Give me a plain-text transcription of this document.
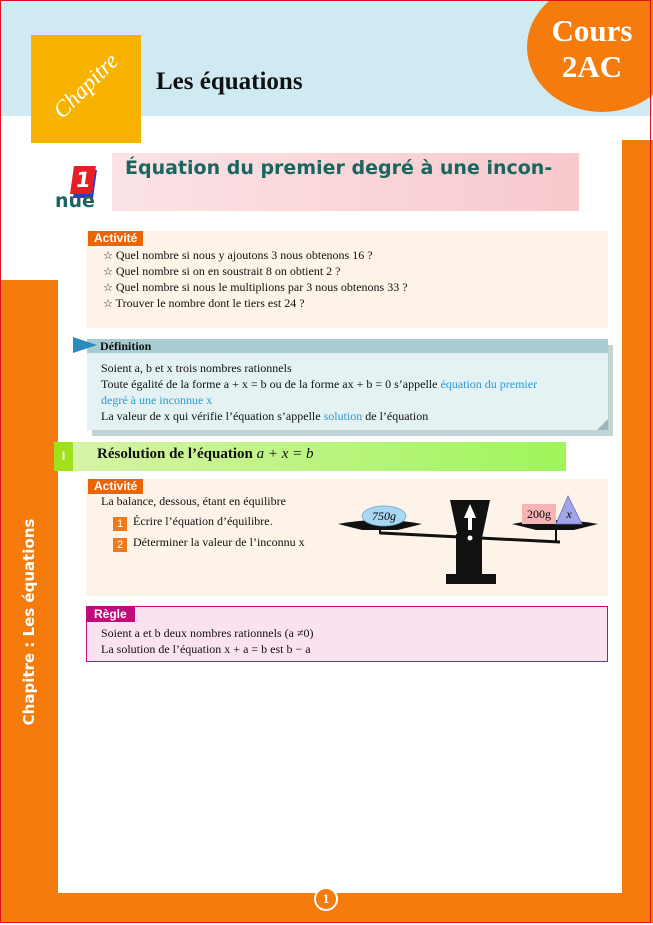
Cours
2AC
Chapitre	Les équations
1 Équation du premier degré à une incon-
nue
Activité
☆ Quel nombre si nous y ajoutons 3 nous obtenons 16 ?
☆ Quel nombre si on en soustrait 8 on obtient 2 ?
☆ Quel nombre si nous le multiplions par 3 nous obtenons 33 ?
☆ Trouver le nombre dont le tiers est 24 ?
Définition
Soient a, b et x trois nombres rationnels
Toute égalité de la forme a + x = b ou de la forme ax + b = 0 s’appelle équation du premier
degré à une inconnue x
La valeur de x qui vérifie l’équation s’appelle solution de l’équation
I	Résolution de l’équation a + x = b
Activité
La balance, dessous, étant en équilibre
1 Écrire l’équation d’équilibre.
2 Déterminer la valeur de l’inconnu x
750g	200g x
Règle
Soient a et b deux nombres rationnels (a ≠0)
La solution de l’équation x + a = b est b − a
Chapitre : Les équations
1
